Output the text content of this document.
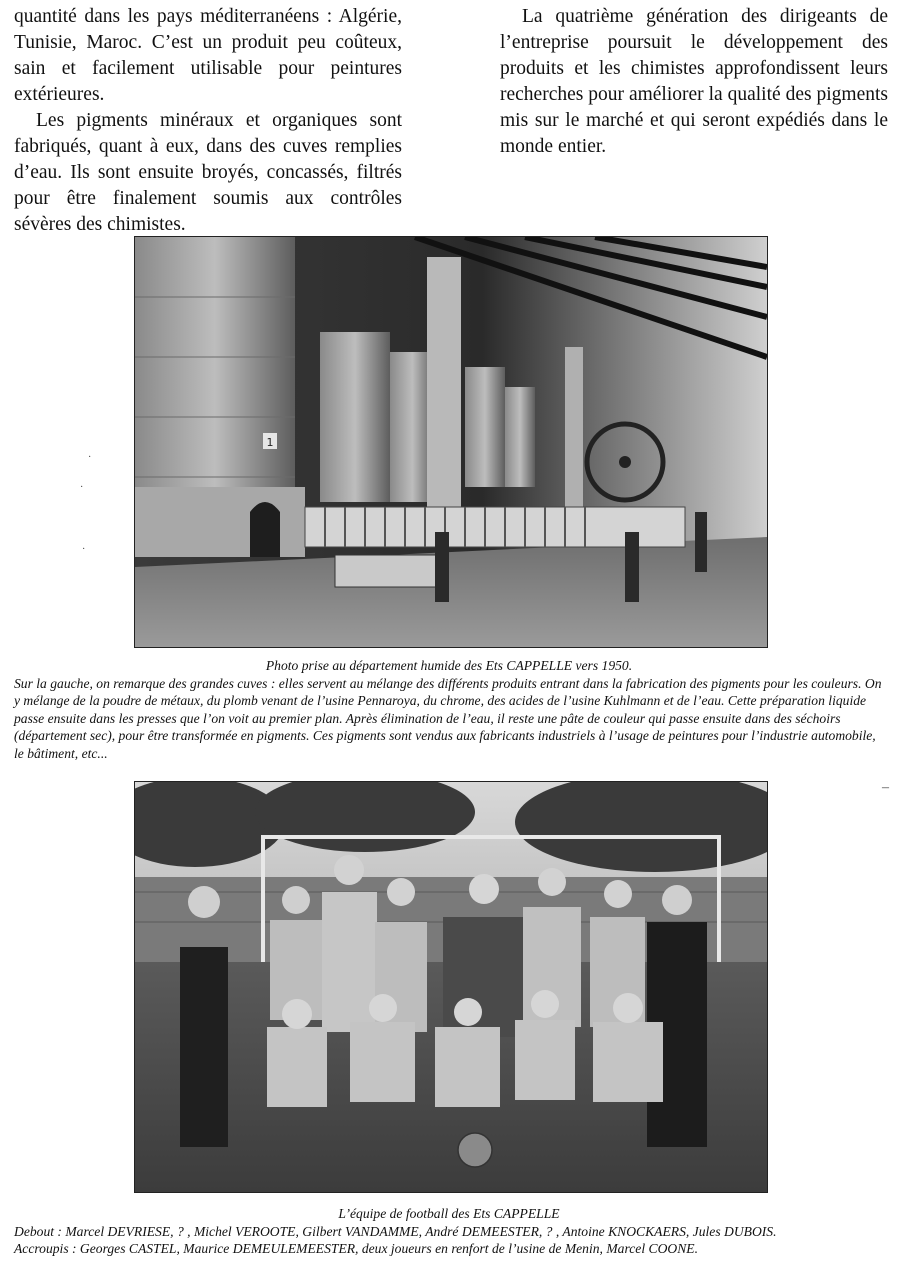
quantité dans les pays méditerranéens : Algérie, Tunisie, Maroc. C’est un produit peu coûteux, sain et facilement utilisable pour peintures extérieures.

Les pigments minéraux et organiques sont fabriqués, quant à eux, dans des cuves remplies d’eau. Ils sont ensuite broyés, concassés, filtrés pour être finalement soumis aux contrôles sévères des chimistes.

La quatrième génération des dirigeants de l’entreprise poursuit le développement des produits et les chimistes approfondissent leurs recherches pour améliorer la qualité des pigments mis sur le marché et qui seront expédiés dans le monde entier.

·
·
·
–
1
Photo prise au département humide des Ets CAPPELLE vers 1950.
Sur la gauche, on remarque des grandes cuves : elles servent au mélange des différents produits entrant dans la fabrication des pigments pour les couleurs. On y mélange de la poudre de métaux, du plomb venant de l’usine Pennaroya, du chrome, des acides de l’usine Kuhlmann et de l’eau. Cette préparation liquide passe ensuite dans les presses que l’on voit au premier plan. Après élimination de l’eau, il reste une pâte de couleur qui passe ensuite dans des séchoirs (département sec), pour être transformée en pigments. Ces pigments sont vendus aux fabricants industriels à l’usage de peintures pour l’industrie automobile, le bâtiment, etc...
L’équipe de football des Ets CAPPELLE
Debout : Marcel DEVRIESE, ? , Michel VEROOTE, Gilbert VANDAMME, André DEMEESTER, ? , Antoine KNOCKAERS, Jules DUBOIS.
Accroupis : Georges CASTEL, Maurice DEMEULEMEESTER, deux joueurs en renfort de l’usine de Menin, Marcel COONE.
